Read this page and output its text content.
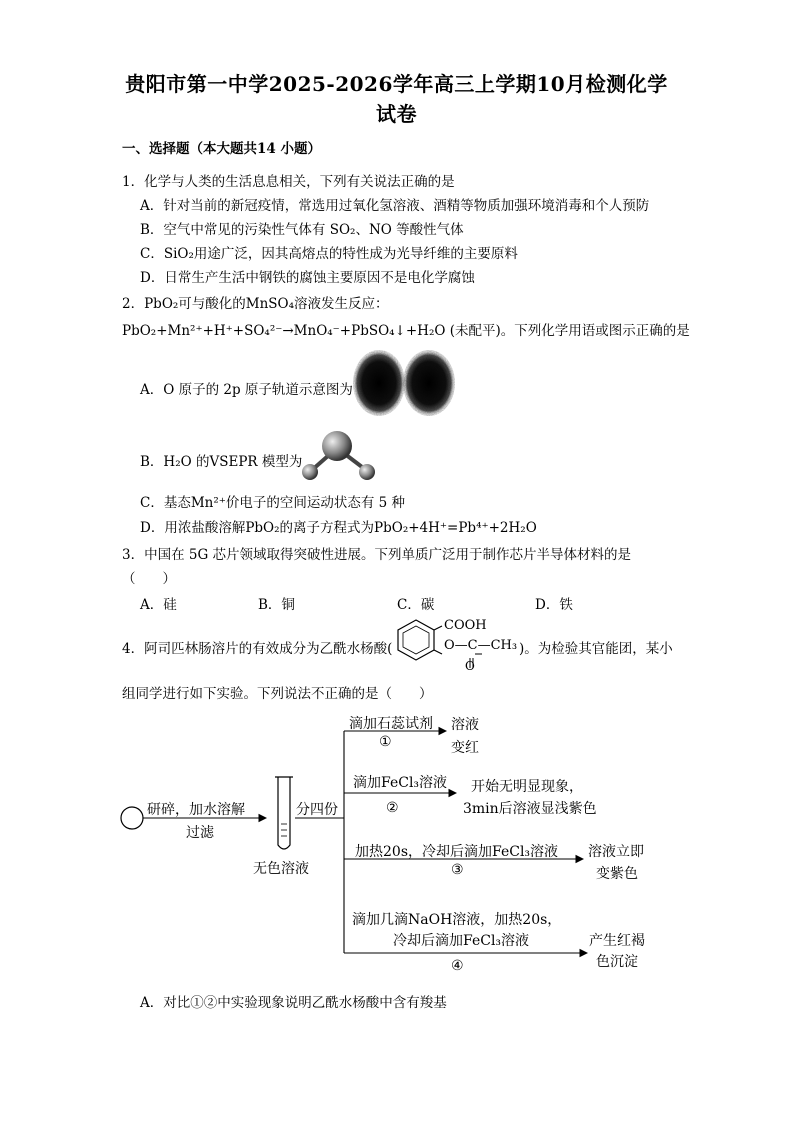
贵阳市第一中学2025-2026学年高三上学期10月检测化学
试卷
一、选择题（本大题共14 小题）
1．化学与人类的生活息息相关，下列有关说法正确的是
A．针对当前的新冠疫情，常选用过氧化氢溶液、酒精等物质加强环境消毒和个人预防
B．空气中常见的污染性气体有 SO₂、NO 等酸性气体
C．SiO₂用途广泛，因其高熔点的特性成为光导纤维的主要原料
D．日常生产生活中钢铁的腐蚀主要原因不是电化学腐蚀
2．PbO₂可与酸化的MnSO₄溶液发生反应：
PbO₂+Mn²⁺+H⁺+SO₄²⁻→MnO₄⁻+PbSO₄↓+H₂O (未配平)。下列化学用语或图示正确的是
A．O 原子的 2p 原子轨道示意图为
B．H₂O 的VSEPR 模型为
C．基态Mn²⁺价电子的空间运动状态有 5 种
D．用浓盐酸溶解PbO₂的离子方程式为PbO₂+4H⁺=Pb⁴⁺+2H₂O
3．中国在 5G 芯片领域取得突破性进展。下列单质广泛用于制作芯片半导体材料的是
（　　）
A．硅	B．铜	C．碳	D．铁
4．阿司匹林肠溶片的有效成分为乙酰水杨酸(
COOH
O—C—CH₃
O
)。为检验其官能团，某小
组同学进行如下实验。下列说法不正确的是（　　）
研碎，加水溶解
过滤
无色溶液
分四份
滴加石蕊试剂
①
溶液
变红
滴加FeCl₃溶液
②
开始无明显现象，
3min后溶液显浅紫色
加热20s，冷却后滴加FeCl₃溶液
③
溶液立即
变紫色
滴加几滴NaOH溶液，加热20s，
冷却后滴加FeCl₃溶液
④
产生红褐
色沉淀
A．对比①②中实验现象说明乙酰水杨酸中含有羧基
